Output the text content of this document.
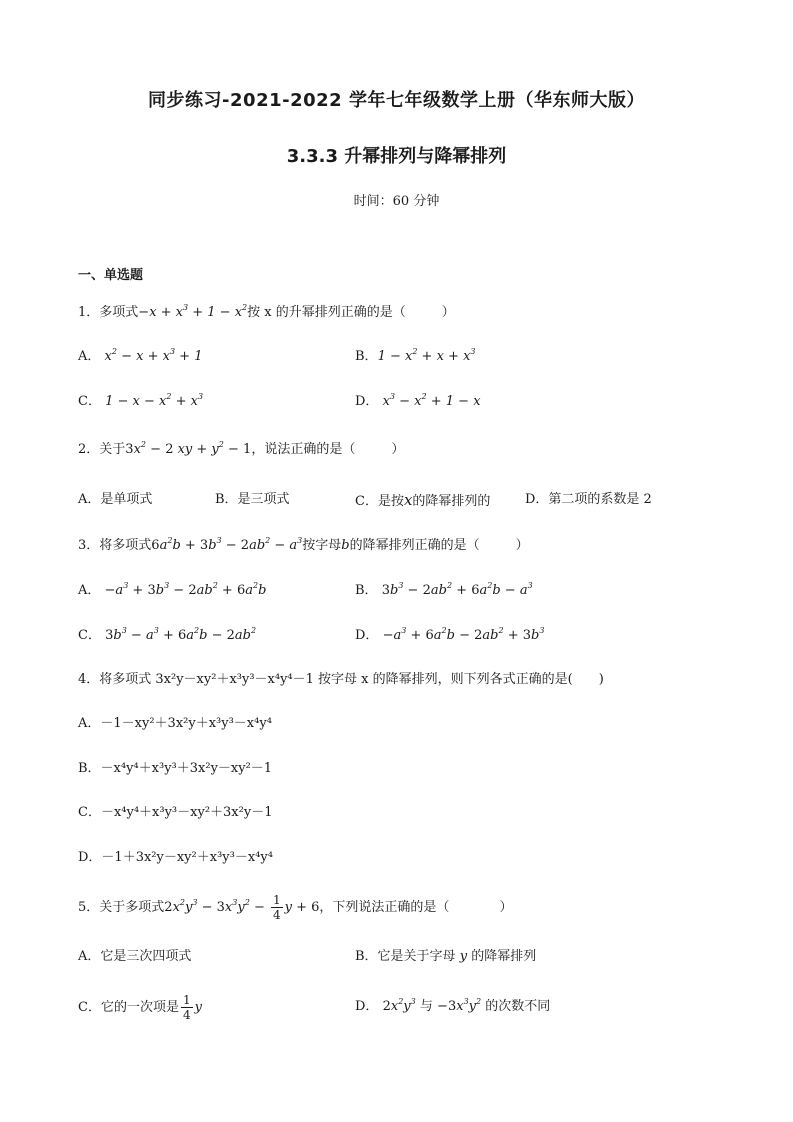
同步练习-2021-2022 学年七年级数学上册（华东师大版）
3.3.3 升幂排列与降幂排列
时间：60 分钟
一、单选题
1．多项式$-x + x^3 + 1 - x^2$按 x 的升幂排列正确的是（	）
A． $x^2 - x + x^3 + 1$	B．$1 - x^2 + x + x^3$
C． $1 - x - x^2 + x^3$	D． $x^3 - x^2 + 1 - x$
2．关于$3x^2 - 2$ xy + $y^2 - 1$，说法正确的是（	）
A．是单项式	B．是三项式	C．是按x的降幂排列的	D．第二项的系数是 2
3．将多项式$6a^2b + 3b^3 - 2ab^2 - a^3$按字母b的降幂排列正确的是（	）
A． $-a^3 + 3b^3 - 2ab^2 + 6a^2b$	B． $3b^3 - 2ab^2 + 6a^2b - a^3$
C． $3b^3 - a^3 + 6a^2b - 2ab^2$	D． $-a^3 + 6a^2b - 2ab^2 + 3b^3$
4．将多项式 3x²y－xy²＋x³y³－x⁴y⁴－1 按字母 x 的降幂排列，则下列各式正确的是(　　)
A．－1－xy²＋3x²y＋x³y³－x⁴y⁴
B．－x⁴y⁴＋x³y³＋3x²y－xy²－1
C．－x⁴y⁴＋x³y³－xy²＋3x²y－1
D．－1＋3x²y－xy²＋x³y³－x⁴y⁴
5．关于多项式$2x^2y^3 - 3x^3y^2 - \frac{1}{4}$ y + 6，下列说法正确的是（	）
A．它是三次四项式	B．它是关于字母 y 的降幂排列
C．它的一次项是 $\frac{1}{4}$ y	D． $2x^2y^3$ 与 $-3x^3y^2$ 的次数不同
